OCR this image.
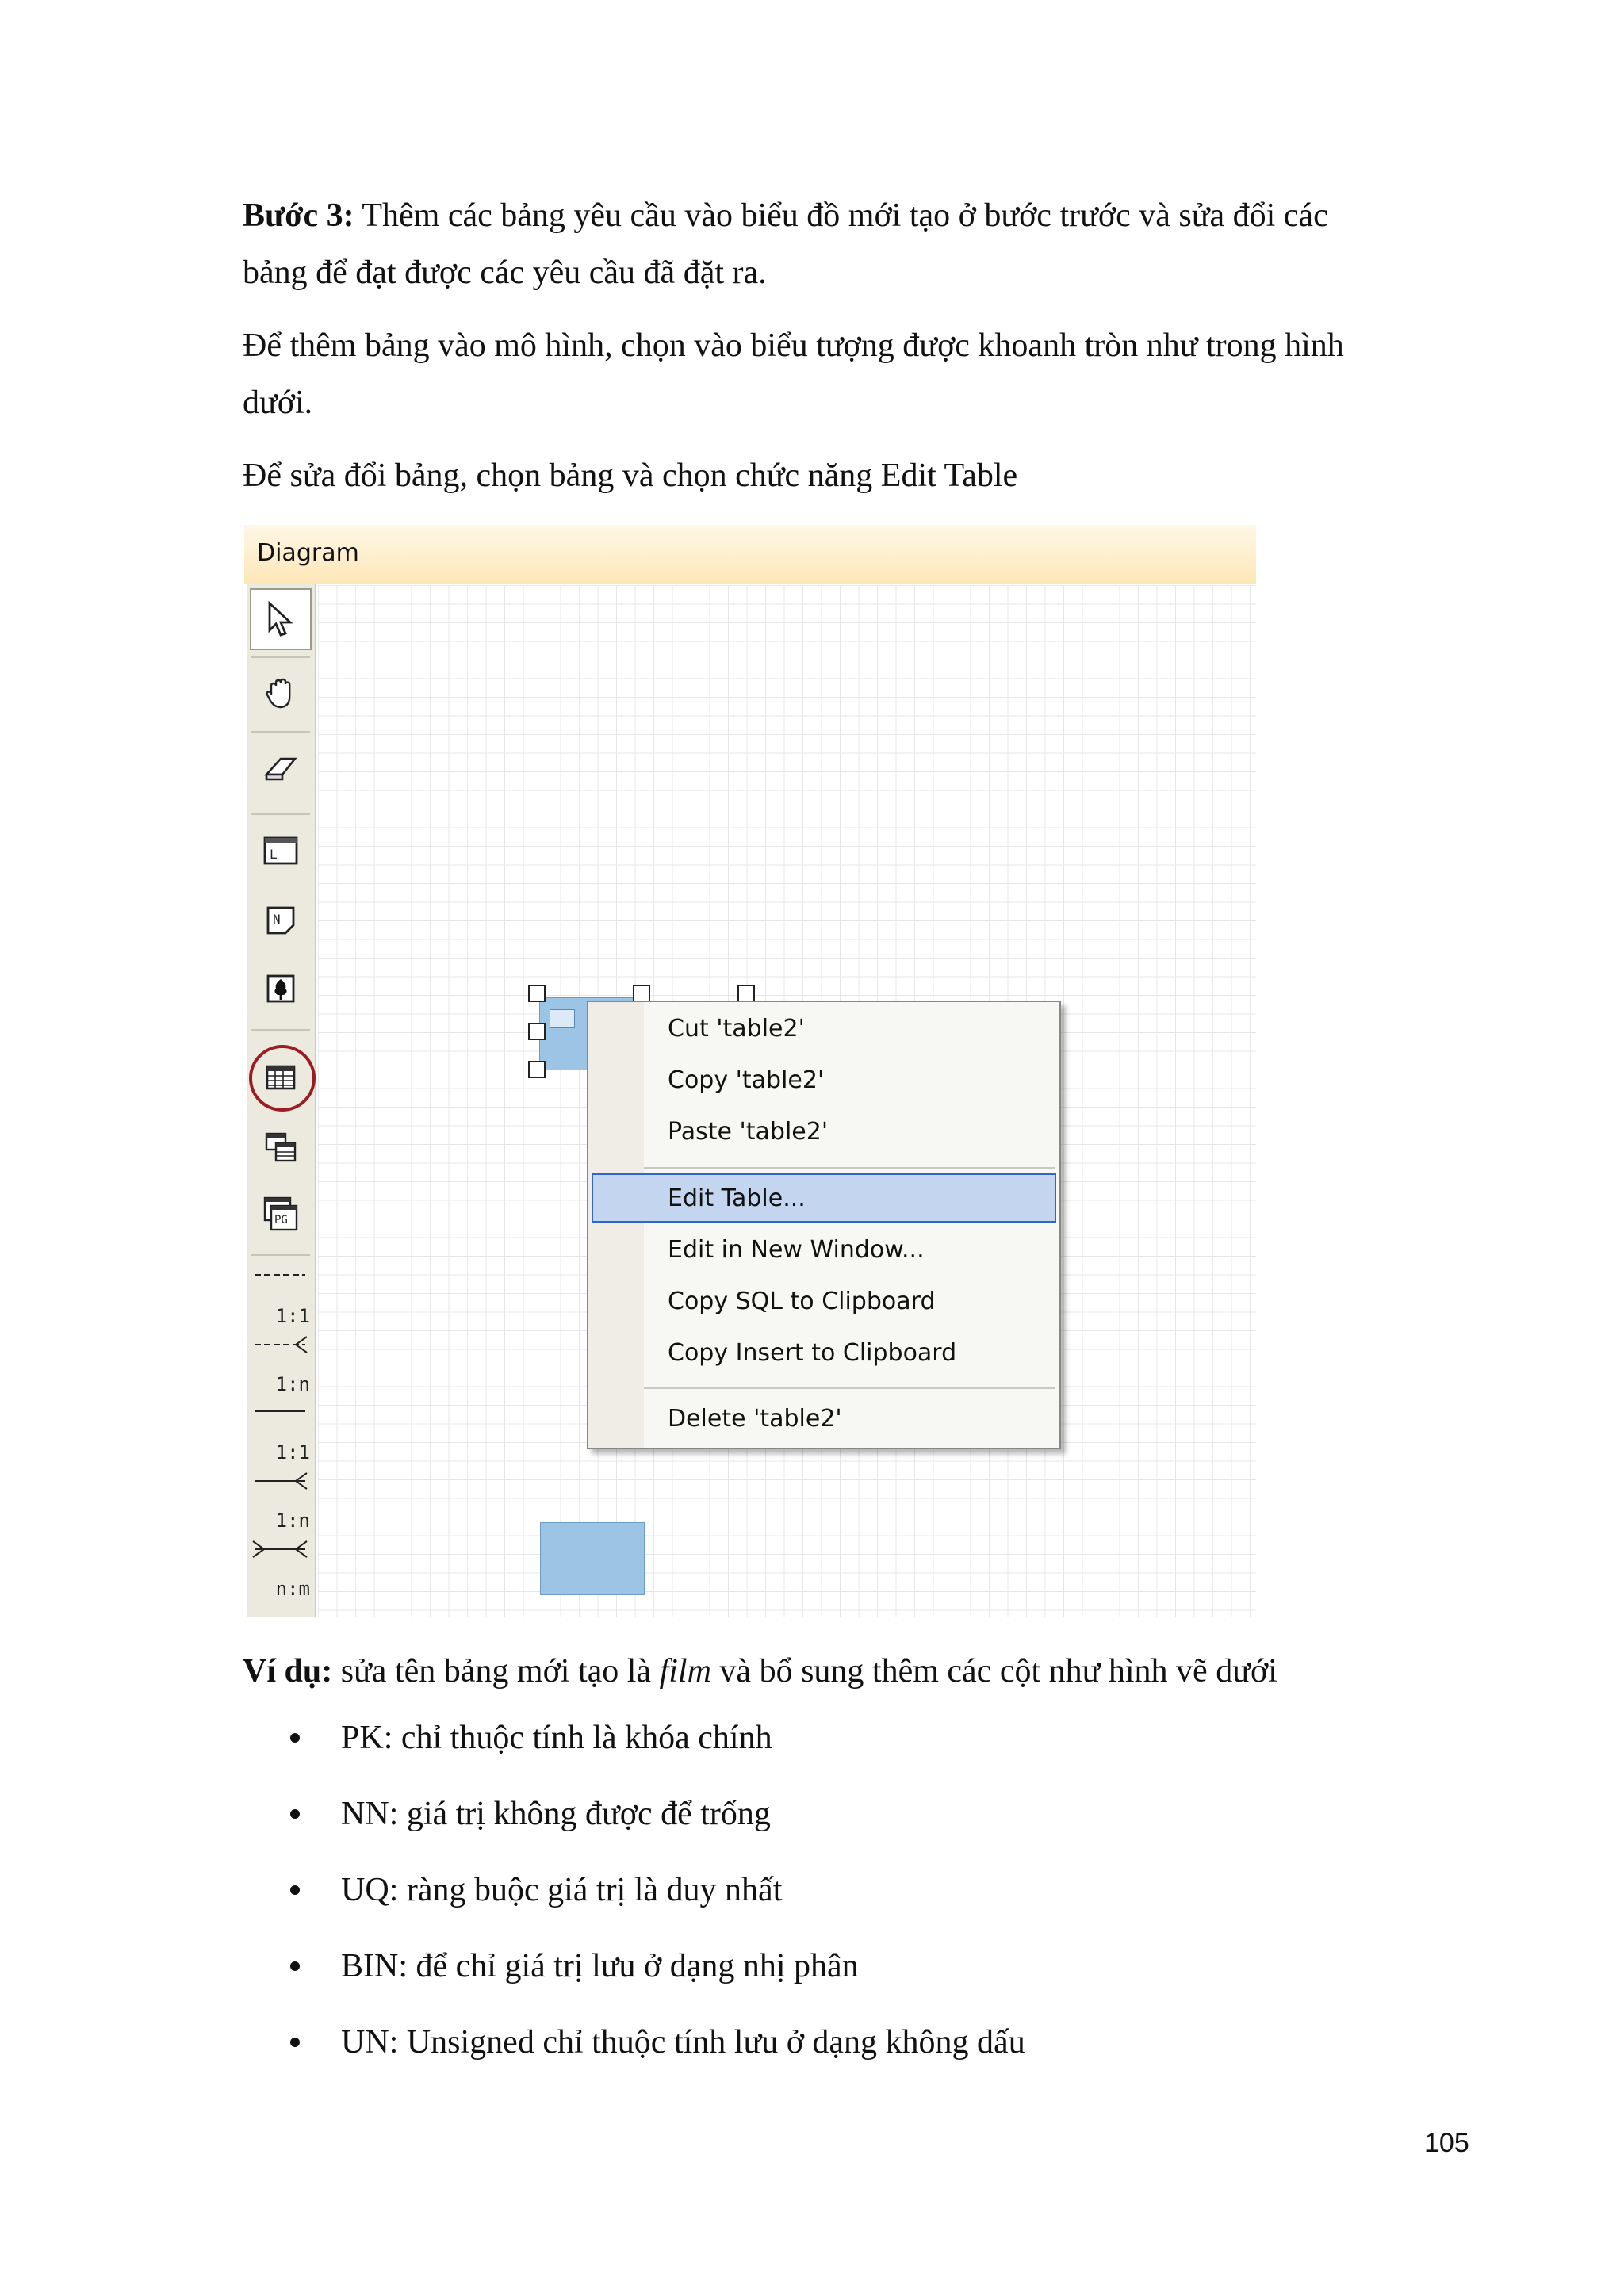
Bước 3: Thêm các bảng yêu cầu vào biểu đồ mới tạo ở bước trước và sửa đổi các
bảng để đạt được các yêu cầu đã đặt ra.

Để thêm bảng vào mô hình, chọn vào biểu tượng được khoanh tròn như trong hình
dưới.

Để sửa đổi bảng, chọn bảng và chọn chức năng Edit Table

Diagram
L
N
PG
1:1
1:n
1:1
1:n
n:m
Cut 'table2'
Copy 'table2'
Paste 'table2'
Edit Table...
Edit in New Window...
Copy SQL to Clipboard
Copy Insert to Clipboard
Delete 'table2'

Ví dụ: sửa tên bảng mới tạo là film và bổ sung thêm các cột như hình vẽ dưới

PK: chỉ thuộc tính là khóa chính
NN: giá trị không được để trống
UQ: ràng buộc giá trị là duy nhất
BIN: để chỉ giá trị lưu ở dạng nhị phân
UN: Unsigned chỉ thuộc tính lưu ở dạng không dấu
105
